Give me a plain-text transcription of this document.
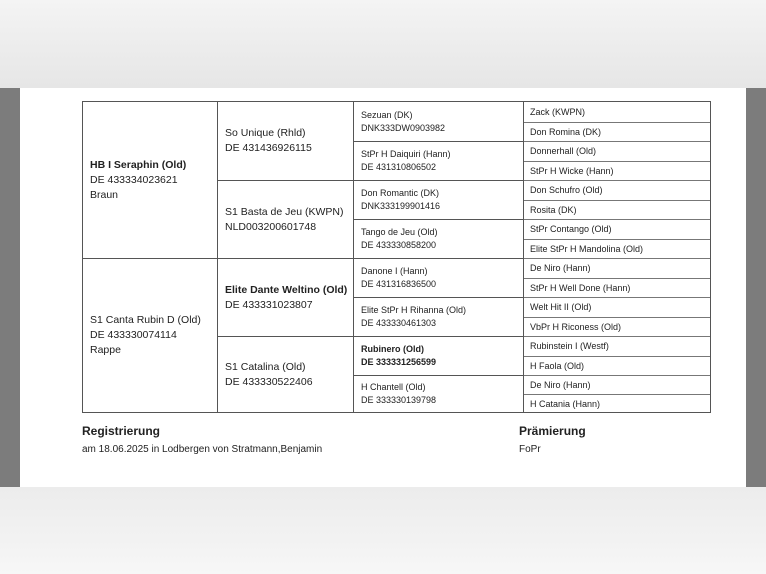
HB I Seraphin (Old)
DE 433334023621
Braun
S1 Canta Rubin D (Old)
DE 433330074114
Rappe
So Unique (Rhld)
DE 431436926115
S1 Basta de Jeu (KWPN)
NLD003200601748
Elite Dante Weltino (Old)
DE 433331023807
S1 Catalina (Old)
DE 433330522406
Sezuan (DK)
DNK333DW0903982
StPr H Daiquiri (Hann)
DE 431310806502
Don Romantic (DK)
DNK333199901416
Tango de Jeu (Old)
DE 433330858200
Danone I (Hann)
DE 431316836500
Elite StPr H Rihanna (Old)
DE 433330461303
Rubinero (Old)
DE 333331256599
H Chantell (Old)
DE 333330139798
Zack (KWPN)
Don Romina (DK)
Donnerhall (Old)
StPr H Wicke (Hann)
Don Schufro (Old)
Rosita (DK)
StPr Contango (Old)
Elite StPr H Mandolina (Old)
De Niro (Hann)
StPr H Well Done (Hann)
Welt Hit II (Old)
VbPr H Riconess (Old)
Rubinstein I (Westf)
H Faola (Old)
De Niro (Hann)
H Catania (Hann)
Registrierung
am 18.06.2025 in Lodbergen von Stratmann,Benjamin
Prämierung
FoPr
